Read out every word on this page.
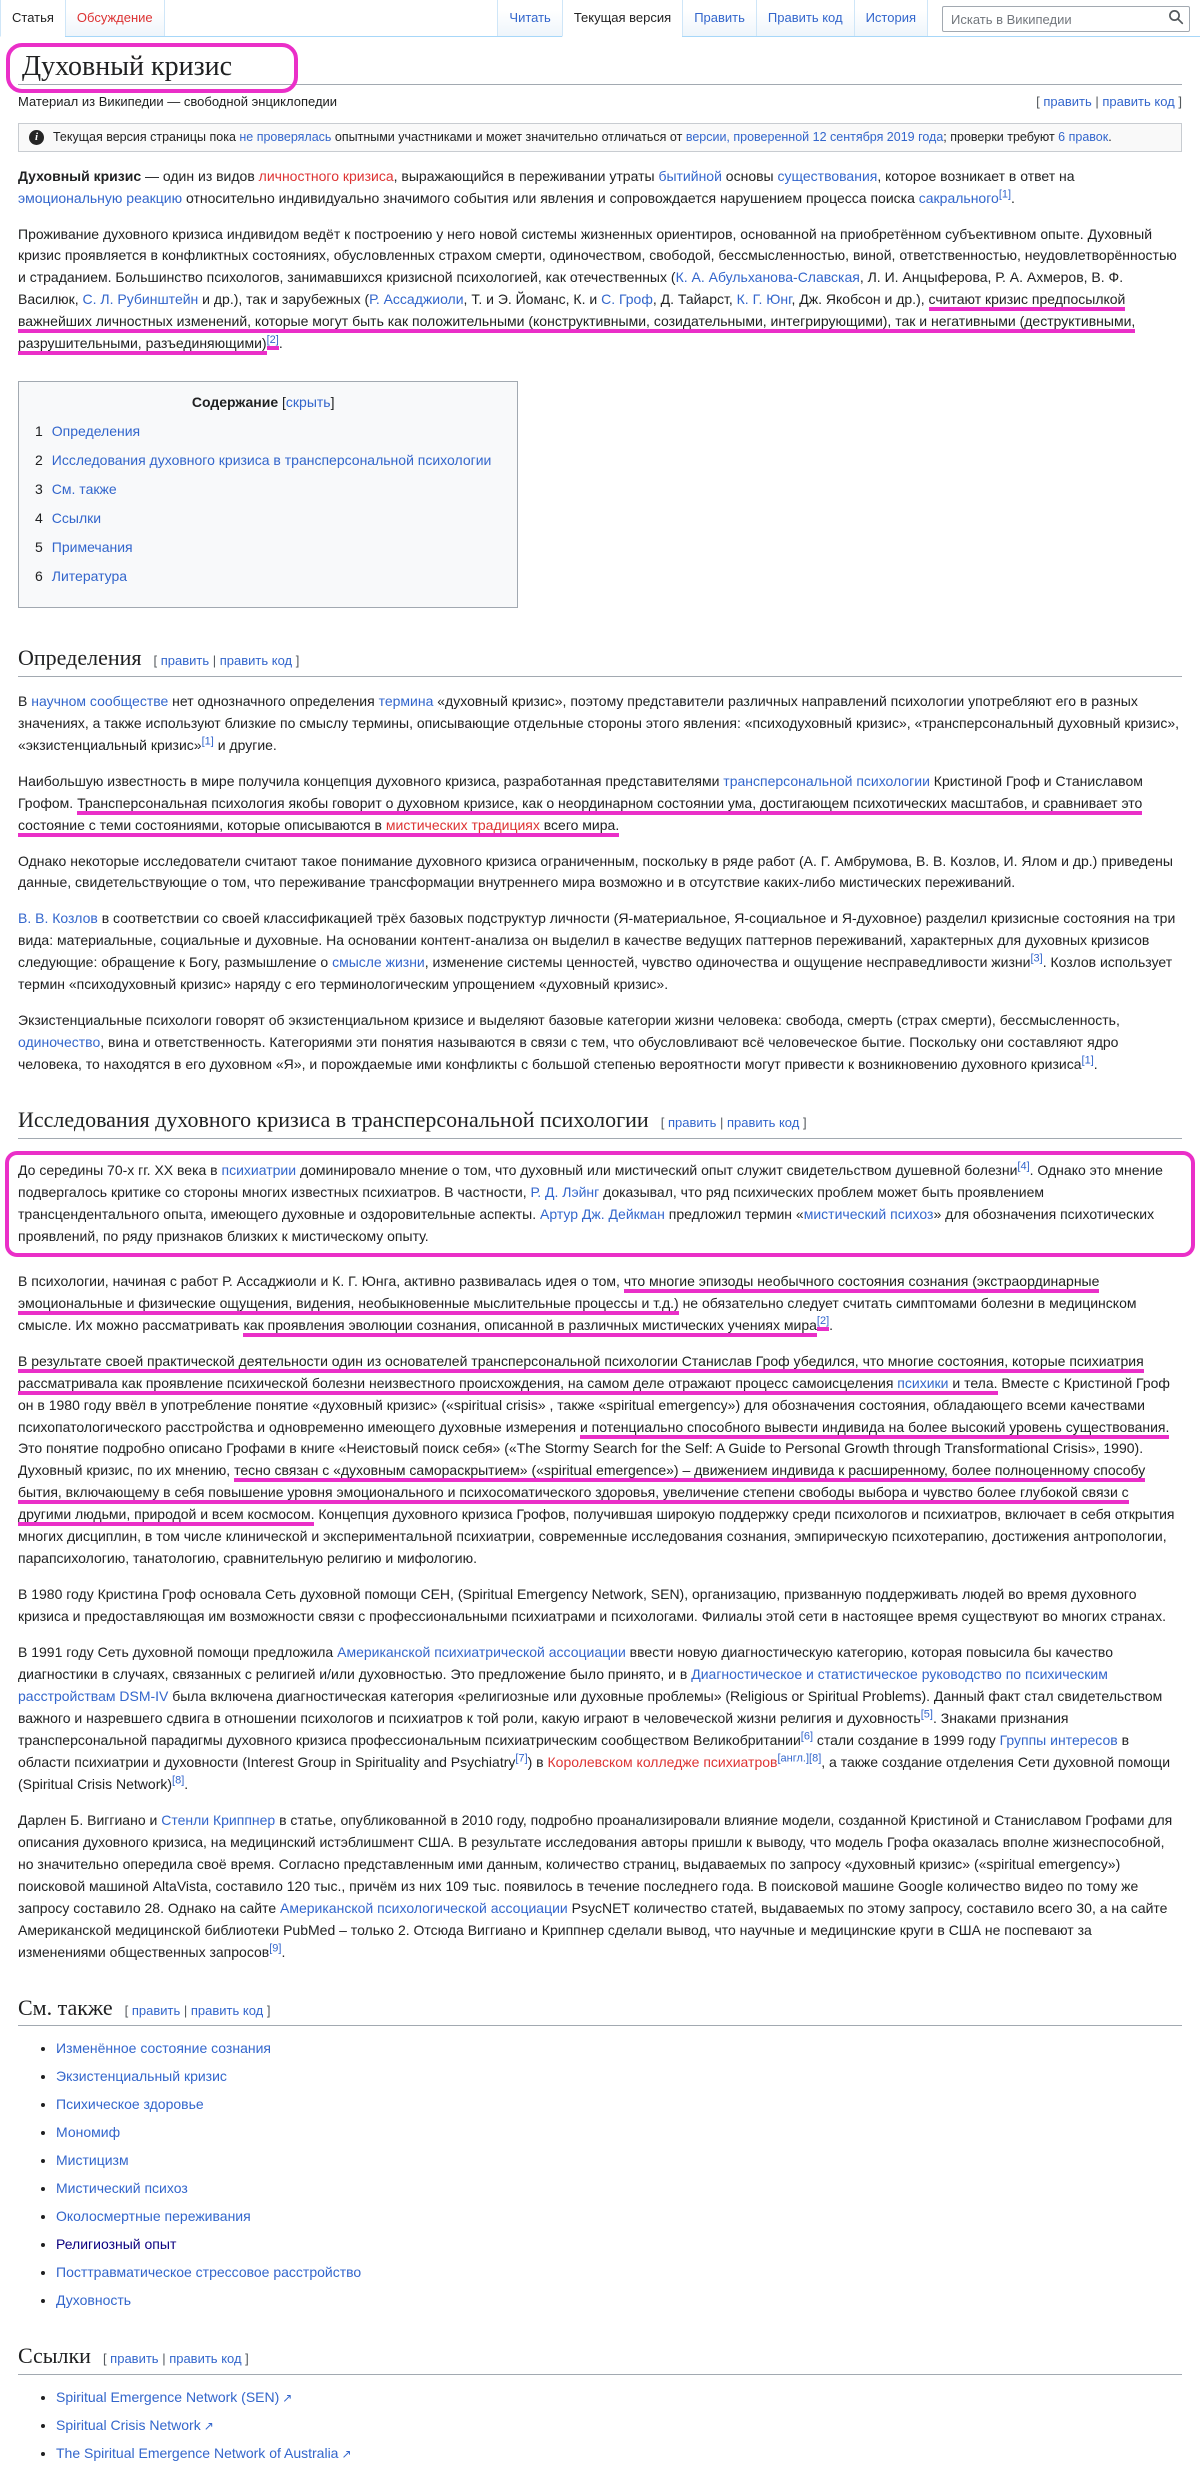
Статья	Обсуждение	Читать	Текущая версия	Править	Править код	История
Искать в Википедии
Духовный кризис
Материал из Википедии — свободной энциклопедии	[ править | править код ]
i	Текущая версия страницы пока не проверялась опытными участниками и может значительно отличаться от версии, проверенной 12 сентября 2019 года; проверки требуют 6 правок.
Духовный кризис — один из видов личностного кризиса, выражающийся в переживании утраты бытийной основы существования, которое возникает в ответ на эмоциональную реакцию относительно индивидуально значимого события или явления и сопровождается нарушением процесса поиска сакрального[1].
Проживание духовного кризиса индивидом ведёт к построению у него новой системы жизненных ориентиров, основанной на приобретённом субъективном опыте. Духовный кризис проявляется в конфликтных состояниях, обусловленных страхом смерти, одиночеством, свободой, бессмысленностью, виной, ответственностью, неудовлетворённостью и страданием. Большинство психологов, занимавшихся кризисной психологией, как отечественных (К. А. Абульханова-Славская, Л. И. Анцыферова, Р. А. Ахмеров, В. Ф. Василюк, С. Л. Рубинштейн и др.), так и зарубежных (Р. Ассаджиоли, Т. и Э. Йоманс, К. и С. Гроф, Д. Тайарст, К. Г. Юнг, Дж. Якобсон и др.), считают кризис предпосылкой важнейших личностных изменений, которые могут быть как положительными (конструктивными, созидательными, интегрирующими), так и негативными (деструктивными, разрушительными, разъединяющими)[2].
Содержание [скрыть]
1 Определения
2 Исследования духовного кризиса в трансперсональной психологии
3 См. также
4 Ссылки
5 Примечания
6 Литература
Определения [ править | править код ]
В научном сообществе нет однозначного определения термина «духовный кризис», поэтому представители различных направлений психологии употребляют его в разных значениях, а также используют близкие по смыслу термины, описывающие отдельные стороны этого явления: «психодуховный кризис», «трансперсональный духовный кризис», «экзистенциальный кризис»[1] и другие.
Наибольшую известность в мире получила концепция духовного кризиса, разработанная представителями трансперсональной психологии Кристиной Гроф и Станиславом Грофом. Трансперсональная психология якобы говорит о духовном кризисе, как о неординарном состоянии ума, достигающем психотических масштабов, и сравнивает это состояние с теми состояниями, которые описываются в мистических традициях всего мира.
Однако некоторые исследователи считают такое понимание духовного кризиса ограниченным, поскольку в ряде работ (А. Г. Амбрумова, В. В. Козлов, И. Ялом и др.) приведены данные, свидетельствующие о том, что переживание трансформации внутреннего мира возможно и в отсутствие каких-либо мистических переживаний.
В. В. Козлов в соответствии со своей классификацией трёх базовых подструктур личности (Я-материальное, Я-социальное и Я-духовное) разделил кризисные состояния на три вида: материальные, социальные и духовные. На основании контент-анализа он выделил в качестве ведущих паттернов переживаний, характерных для духовных кризисов следующие: обращение к Богу, размышление о смысле жизни, изменение системы ценностей, чувство одиночества и ощущение несправедливости жизни[3]. Козлов использует термин «психодуховный кризис» наряду с его терминологическим упрощением «духовный кризис».
Экзистенциальные психологи говорят об экзистенциальном кризисе и выделяют базовые категории жизни человека: свобода, смерть (страх смерти), бессмысленность, одиночество, вина и ответственность. Категориями эти понятия называются в связи с тем, что обусловливают всё человеческое бытие. Поскольку они составляют ядро человека, то находятся в его духовном «Я», и порождаемые ими конфликты с большой степенью вероятности могут привести к возникновению духовного кризиса[1].
Исследования духовного кризиса в трансперсональной психологии [ править | править код ]
До середины 70-х гг. XX века в психиатрии доминировало мнение о том, что духовный или мистический опыт служит свидетельством душевной болезни[4]. Однако это мнение подвергалось критике со стороны многих известных психиатров. В частности, Р. Д. Лэйнг доказывал, что ряд психических проблем может быть проявлением трансцендентального опыта, имеющего духовные и оздоровительные аспекты. Артур Дж. Дейкман предложил термин «мистический психоз» для обозначения психотических проявлений, по ряду признаков близких к мистическому опыту.
В психологии, начиная с работ Р. Ассаджиоли и К. Г. Юнга, активно развивалась идея о том, что многие эпизоды необычного состояния сознания (экстраординарные эмоциональные и физические ощущения, видения, необыкновенные мыслительные процессы и т.д.) не обязательно следует считать симптомами болезни в медицинском смысле. Их можно рассматривать как проявления эволюции сознания, описанной в различных мистических учениях мира[2].
В результате своей практической деятельности один из основателей трансперсональной психологии Станислав Гроф убедился, что многие состояния, которые психиатрия рассматривала как проявление психической болезни неизвестного происхождения, на самом деле отражают процесс самоисцеления психики и тела. Вместе с Кристиной Гроф он в 1980 году ввёл в употребление понятие «духовный кризис» («spiritual crisis» , также «spiritual emergency») для обозначения состояния, обладающего всеми качествами психопатологического расстройства и одновременно имеющего духовные измерения и потенциально способного вывести индивида на более высокий уровень существования. Это понятие подробно описано Грофами в книге «Неистовый поиск себя» («The Stormy Search for the Self: A Guide to Personal Growth through Transformational Crisis», 1990). Духовный кризис, по их мнению, тесно связан с «духовным самораскрытием» («spiritual emergence») – движением индивида к расширенному, более полноценному способу бытия, включающему в себя повышение уровня эмоционального и психосоматического здоровья, увеличение степени свободы выбора и чувство более глубокой связи с другими людьми, природой и всем космосом. Концепция духовного кризиса Грофов, получившая широкую поддержку среди психологов и психиатров, включает в себя открытия многих дисциплин, в том числе клинической и экспериментальной психиатрии, современные исследования сознания, эмпирическую психотерапию, достижения антропологии, парапсихологию, танатологию, сравнительную религию и мифологию.
В 1980 году Кристина Гроф основала Сеть духовной помощи СЕН, (Spiritual Emergency Network, SEN), организацию, призванную поддерживать людей во время духовного кризиса и предоставляющая им возможности связи с профессиональными психиатрами и психологами. Филиалы этой сети в настоящее время существуют во многих странах.
В 1991 году Сеть духовной помощи предложила Американской психиатрической ассоциации ввести новую диагностическую категорию, которая повысила бы качество диагностики в случаях, связанных с религией и/или духовностью. Это предложение было принято, и в Диагностическое и статистическое руководство по психическим расстройствам DSM-IV была включена диагностическая категория «религиозные или духовные проблемы» (Religious or Spiritual Problems). Данный факт стал свидетельством важного и назревшего сдвига в отношении психологов и психиатров к той роли, какую играют в человеческой жизни религия и духовность[5]. Знаками признания трансперсональной парадигмы духовного кризиса профессиональным психиатрическим сообществом Великобритании[6] стали создание в 1999 году Группы интересов в области психиатрии и духовности (Interest Group in Spirituality and Psychiatry[7]) в Королевском колледже психиатров[англ.][8], а также создание отделения Сети духовной помощи (Spiritual Crisis Network)[8].
Дарлен Б. Виггиано и Стенли Криппнер в статье, опубликованной в 2010 году, подробно проанализировали влияние модели, созданной Кристиной и Станиславом Грофами для описания духовного кризиса, на медицинский истэблишмент США. В результате исследования авторы пришли к выводу, что модель Грофа оказалась вполне жизнеспособной, но значительно опередила своё время. Согласно представленным ими данным, количество страниц, выдаваемых по запросу «духовный кризис» («spiritual emergency») поисковой машиной AltaVista, составило 120 тыс., причём из них 109 тыс. появилось в течение последнего года. В поисковой машине Google количество видео по тому же запросу составило 28. Однако на сайте Американской психологической ассоциации PsycNET количество статей, выдаваемых по этому запросу, составило всего 30, а на сайте Американской медицинской библиотеки PubMed – только 2. Отсюда Виггиано и Криппнер сделали вывод, что научные и медицинские круги в США не поспевают за изменениями общественных запросов[9].
См. также [ править | править код ]
• Изменённое состояние сознания
• Экзистенциальный кризис
• Психическое здоровье
• Мономиф
• Мистицизм
• Мистический психоз
• Околосмертные переживания
• Религиозный опыт
• Посттравматическое стрессовое расстройство
• Духовность
Ссылки [ править | править код ]
• Spiritual Emergence Network (SEN) ↗
• Spiritual Crisis Network ↗
• The Spiritual Emergence Network of Australia ↗
